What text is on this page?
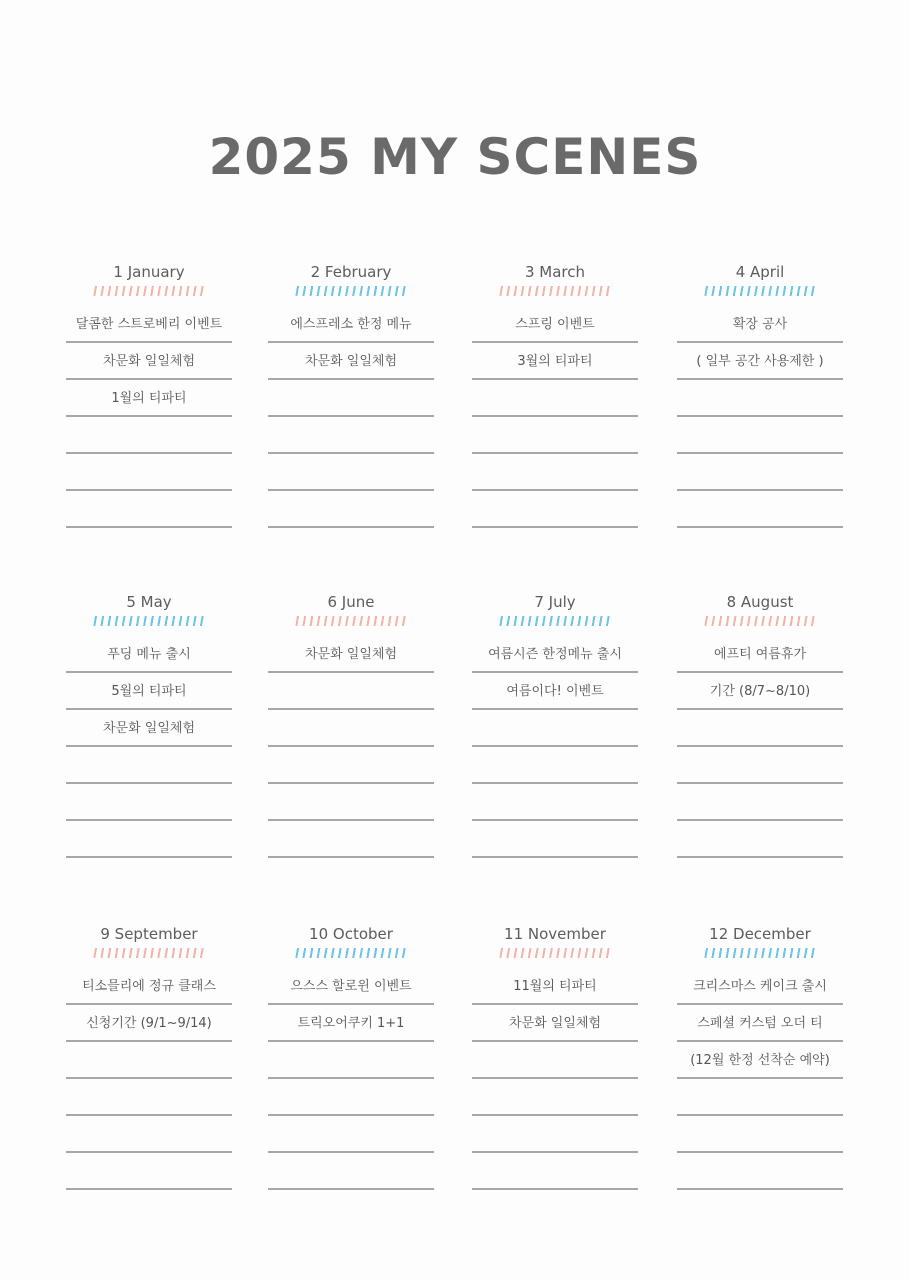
2025 MY SCENES
1 January
달콤한 스트로베리 이벤트
차문화 일일체험
1월의 티파티
2 February
에스프레소 한정 메뉴
차문화 일일체험
3 March
스프링 이벤트
3월의 티파티
4 April
확장 공사
( 일부 공간 사용제한 )
5 May
푸딩 메뉴 출시
5월의 티파티
차문화 일일체험
6 June
차문화 일일체험
7 July
여름시즌 한정메뉴 출시
여름이다! 이벤트
8 August
에프티 여름휴가
기간 (8/7~8/10)
9 September
티소믈리에 정규 클래스
신청기간 (9/1~9/14)
10 October
으스스 할로윈 이벤트
트릭오어쿠키 1+1
11 November
11월의 티파티
차문화 일일체험
12 December
크리스마스 케이크 출시
스페셜 커스텀 오더 티
(12월 한정 선착순 예약)
